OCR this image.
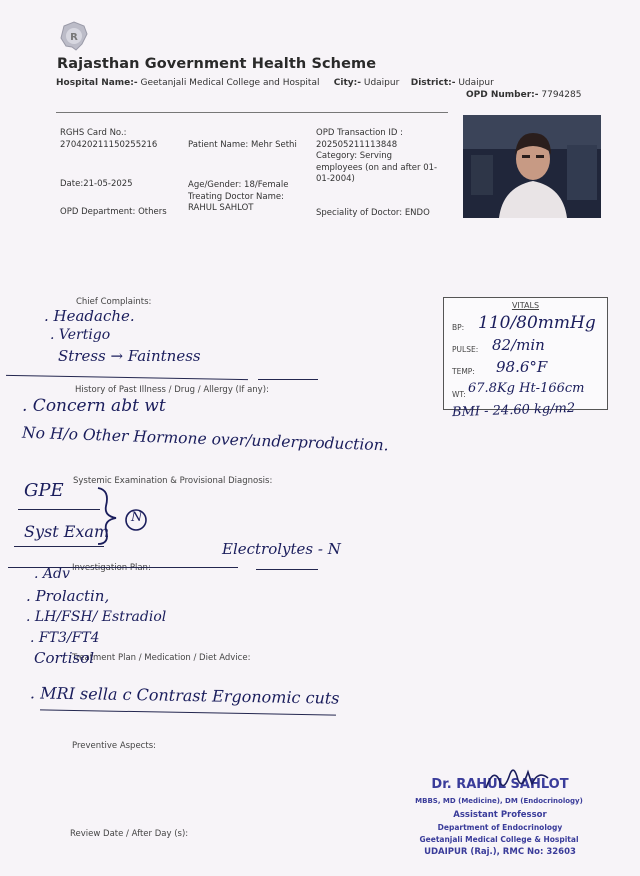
R
Rajasthan Government Health Scheme
Hospital Name:- Geetanjali Medical College and Hospital City:- Udaipur District:- Udaipur
OPD Number:- 7794285
RGHS Card No.:
270420211150255216	Patient Name: Mehr Sethi
OPD Transaction ID :
202505211113848
Category: Serving
employees (on and after 01-
01-2004)
Date:21-05-2025	Age/Gender: 18/Female
Treating Doctor Name:
RAHUL SAHLOT
OPD Department: Others	Speciality of Doctor: ENDO
Chief Complaints:
History of Past Illness / Drug / Allergy (If any):
Systemic Examination & Provisional Diagnosis:
Investigation Plan:
Treatment Plan / Medication / Diet Advice:
Preventive Aspects:
Review Date / After Day (s):
VITALS
BP: 110/80mmHg
PULSE: 82/min
TEMP: 98.6°F
WT: 67.8Kg Ht-166cm
BMI - 24.60 kg/m2
. Headache.
. Vertigo
Stress → Faintness
. Concern abt wt
No H/o Other Hormone over/underproduction.
GPE
N
Syst Exam
Electrolytes - N
. Adv
. Prolactin,
. LH/FSH/ Estradiol
. FT3/FT4
Cortisol
. MRI sella c Contrast Ergonomic cuts
Dr. RAHUL SAHLOT
MBBS, MD (Medicine), DM (Endocrinology)
Assistant Professor
Department of Endocrinology
Geetanjali Medical College & Hospital
UDAIPUR (Raj.), RMC No: 32603
